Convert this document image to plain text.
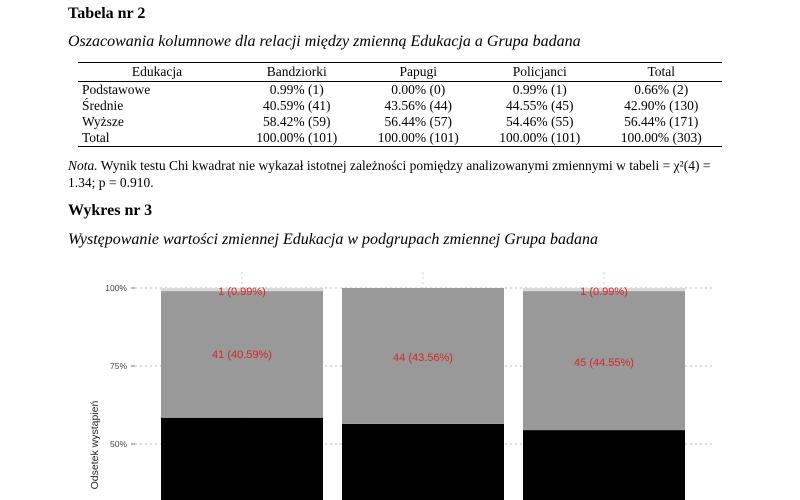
Tabela nr 2
Oszacowania kolumnowe dla relacji między zmienną Edukacja a Grupa badana
Edukacja	Bandziorki	Papugi	Policjanci	Total
Podstawowe	0.99% (1)	0.00% (0)	0.99% (1)	0.66% (2)
Średnie	40.59% (41)	43.56% (44)	44.55% (45)	42.90% (130)
Wyższe	58.42% (59)	56.44% (57)	54.46% (55)	56.44% (171)
Total	100.00% (101)	100.00% (101)	100.00% (101)	100.00% (303)
Nota. Wynik testu Chi kwadrat nie wykazał istotnej zależności pomiędzy analizowanymi zmiennymi w tabeli = χ²(4) = 1.34; p = 0.910.
Wykres nr 3
Występowanie wartości zmiennej Edukacja w podgrupach zmiennej Grupa badana
1 (0.99%)
41 (40.59%)	44 (43.56%)
1 (0.99%)
45 (44.55%)
100%
75%
50%
Odsetek wystąpień
